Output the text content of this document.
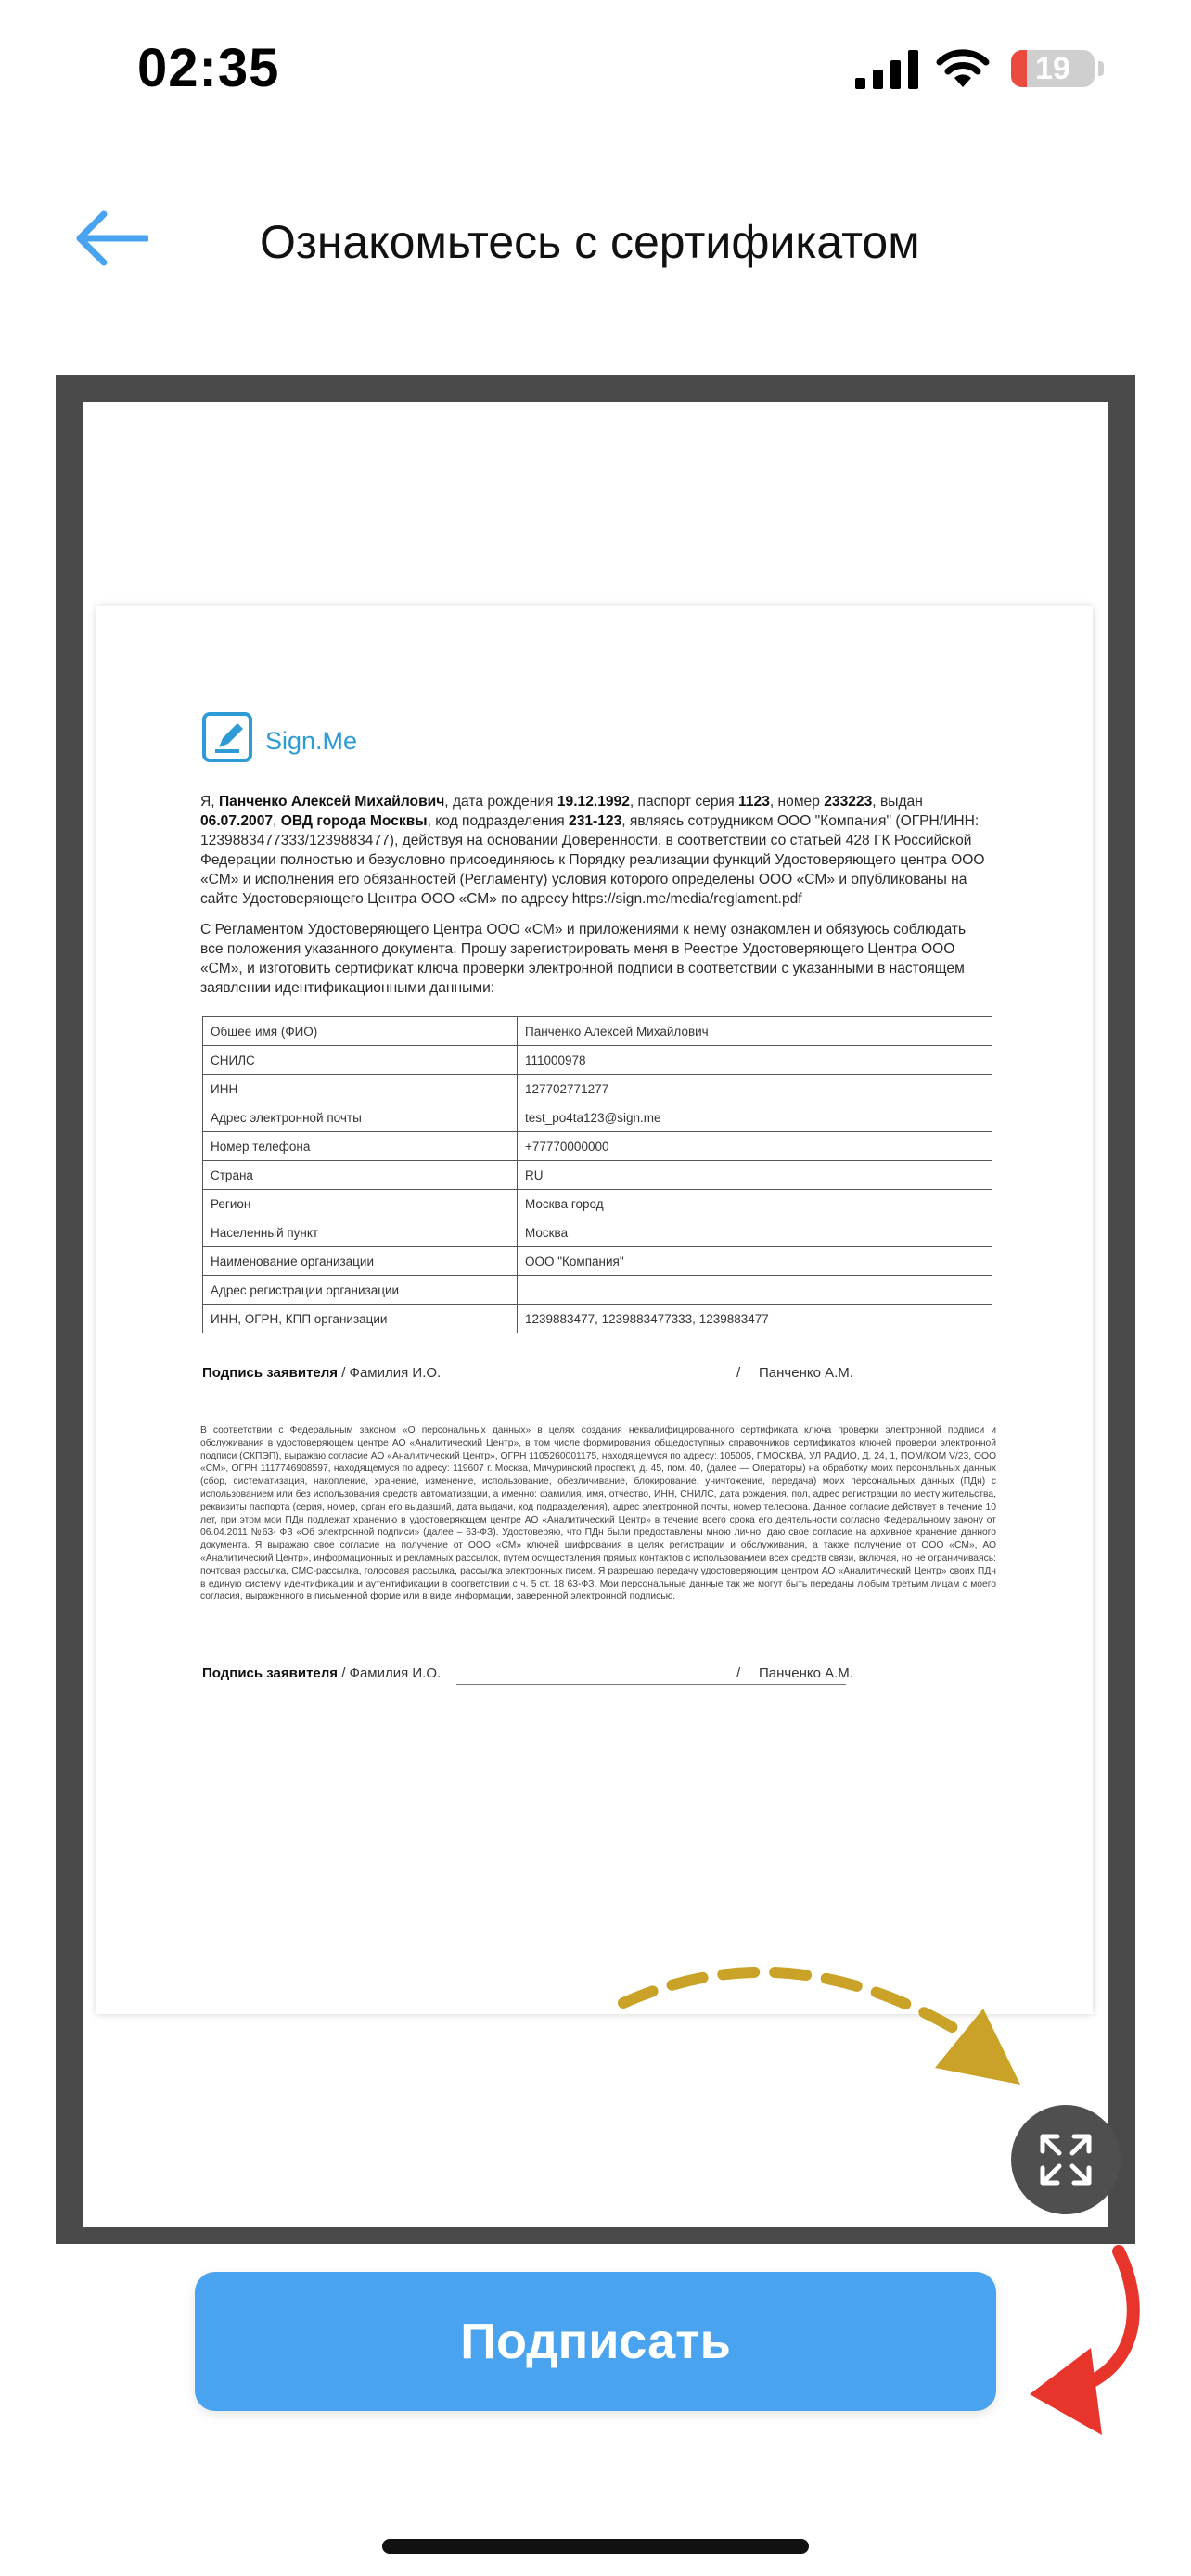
02:35	19
Ознакомьтесь с сертификатом
Sign.Me

Я, Панченко Алексей Михайлович, дата рождения 19.12.1992, паспорт серия 1123, номер 233223, выдан 06.07.2007, ОВД города Москвы, код подразделения 231-123, являясь сотрудником ООО "Компания" (ОГРН/ИНН: 1239883477333/1239883477), действуя на основании Доверенности, в соответствии со статьей 428 ГК Российской Федерации полностью и безусловно присоединяюсь к Порядку реализации функций Удостоверяющего центра ООО «СМ» и исполнения его обязанностей (Регламенту) условия которого определены ООО «СМ» и опубликованы на сайте Удостоверяющего Центра ООО «СМ» по адресу https://sign.me/media/reglament.pdf

С Регламентом Удостоверяющего Центра ООО «СМ» и приложениями к нему ознакомлен и обязуюсь соблюдать все положения указанного документа. Прошу зарегистрировать меня в Реестре Удостоверяющего Центра ООО «СМ», и изготовить сертификат ключа проверки электронной подписи в соответствии с указанными в настоящем заявлении идентификационными данными:

Общее имя (ФИО)	Панченко Алексей Михайлович
СНИЛС	111000978
ИНН	127702771277
Адрес электронной почты	test_po4ta123@sign.me
Номер телефона	+77770000000
Страна	RU
Регион	Москва город
Населенный пункт	Москва
Наименование организации	ООО "Компания"
Адрес регистрации организации	
ИНН, ОГРН, КПП организации	1239883477, 1239883477333, 1239883477
Подпись заявителя / Фамилия И.О.	/ Панченко А.М.

В соответствии с Федеральным законом «О персональных данных» в целях создания неквалифицированного сертификата ключа проверки электронной подписи и обслуживания в удостоверяющем центре АО «Аналитический Центр», в том числе формирования общедоступных справочников сертификатов ключей проверки электронной подписи (СКПЭП), выражаю согласие АО «Аналитический Центр», ОГРН 1105260001175, находящемуся по адресу: 105005, Г.МОСКВА, УЛ РАДИО, Д. 24, 1, ПОМ/КОМ V/23, ООО «СМ», ОГРН 1117746908597, находящемуся по адресу: 119607 г. Москва, Мичуринский проспект, д. 45, пом. 40, (далее — Операторы) на обработку моих персональных данных (сбор, систематизация, накопление, хранение, изменение, использование, обезличивание, блокирование, уничтожение, передача) моих персональных данных (ПДн) с использованием или без использования средств автоматизации, а именно: фамилия, имя, отчество, ИНН, СНИЛС, дата рождения, пол, адрес регистрации по месту жительства, реквизиты паспорта (серия, номер, орган его выдавший, дата выдачи, код подразделения), адрес электронной почты, номер телефона. Данное согласие действует в течение 10 лет, при этом мои ПДн подлежат хранению в удостоверяющем центре АО «Аналитический Центр» в течение всего срока его деятельности согласно Федеральному закону от 06.04.2011 №63- ФЗ «Об электронной подписи» (далее – 63-ФЗ). Удостоверяю, что ПДн были предоставлены мною лично, даю свое согласие на архивное хранение данного документа. Я выражаю свое согласие на получение от ООО «СМ» ключей шифрования в целях регистрации и обслуживания, а также получение от ООО «СМ», АО «Аналитический Центр», информационных и рекламных рассылок, путем осуществления прямых контактов с использованием всех средств связи, включая, но не ограничиваясь: почтовая рассылка, СМС-рассылка, голосовая рассылка, рассылка электронных писем. Я разрешаю передачу удостоверяющим центром АО «Аналитический Центр» своих ПДн в единую систему идентификации и аутентификации в соответствии с ч. 5 ст. 18 63-ФЗ. Мои персональные данные так же могут быть переданы любым третьим лицам с моего согласия, выраженного в письменной форме или в виде информации, заверенной электронной подписью.

Подпись заявителя / Фамилия И.О.	/ Панченко А.М.
Подписать
